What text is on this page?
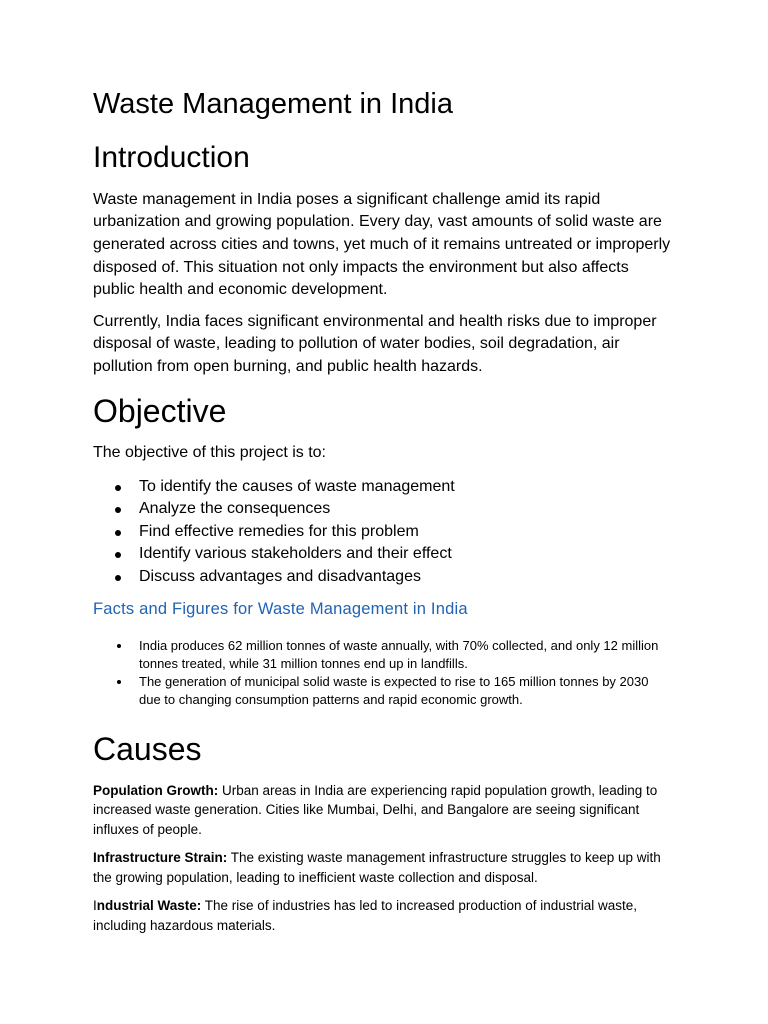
Waste Management in India
Introduction

Waste management in India poses a significant challenge amid its rapid urbanization and growing population. Every day, vast amounts of solid waste are generated across cities and towns, yet much of it remains untreated or improperly disposed of. This situation not only impacts the environment but also affects public health and economic development.

Currently, India faces significant environmental and health risks due to improper disposal of waste, leading to pollution of water bodies, soil degradation, air pollution from open burning, and public health hazards.

Objective

The objective of this project is to:

To identify the causes of waste management
Analyze the consequences
Find effective remedies for this problem
Identify various stakeholders and their effect
Discuss advantages and disadvantages
Facts and Figures for Waste Management in India
India produces 62 million tonnes of waste annually, with 70% collected, and only 12 million tonnes treated, while 31 million tonnes end up in landfills.
The generation of municipal solid waste is expected to rise to 165 million tonnes by 2030 due to changing consumption patterns and rapid economic growth.
Causes

Population Growth: Urban areas in India are experiencing rapid population growth, leading to increased waste generation. Cities like Mumbai, Delhi, and Bangalore are seeing significant influxes of people.

Infrastructure Strain: The existing waste management infrastructure struggles to keep up with the growing population, leading to inefficient waste collection and disposal.

Industrial Waste: The rise of industries has led to increased production of industrial waste, including hazardous materials.
